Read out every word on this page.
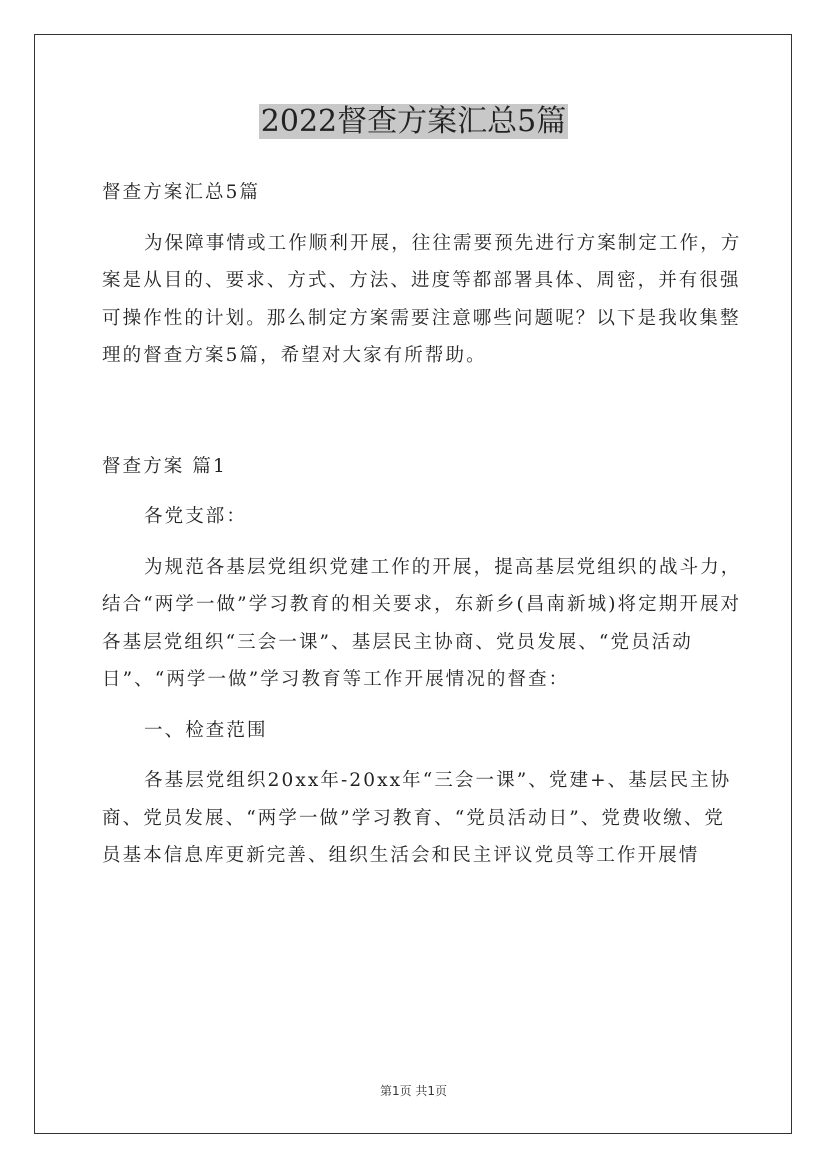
2022督查方案汇总5篇

督查方案汇总5篇

为保障事情或工作顺利开展，往往需要预先进行方案制定工作，方案是从目的、要求、方式、方法、进度等都部署具体、周密，并有很强可操作性的计划。那么制定方案需要注意哪些问题呢？以下是我收集整理的督查方案5篇，希望对大家有所帮助。

督查方案 篇1

各党支部：

为规范各基层党组织党建工作的开展，提高基层党组织的战斗力，结合“两学一做”学习教育的相关要求，东新乡(昌南新城)将定期开展对各基层党组织“三会一课”、基层民主协商、党员发展、“党员活动日”、“两学一做”学习教育等工作开展情况的督查：

一、检查范围

各基层党组织20xx年-20xx年“三会一课”、党建+、基层民主协商、党员发展、“两学一做”学习教育、“党员活动日”、党费收缴、党员基本信息库更新完善、组织生活会和民主评议党员等工作开展情

第1页 共1页
